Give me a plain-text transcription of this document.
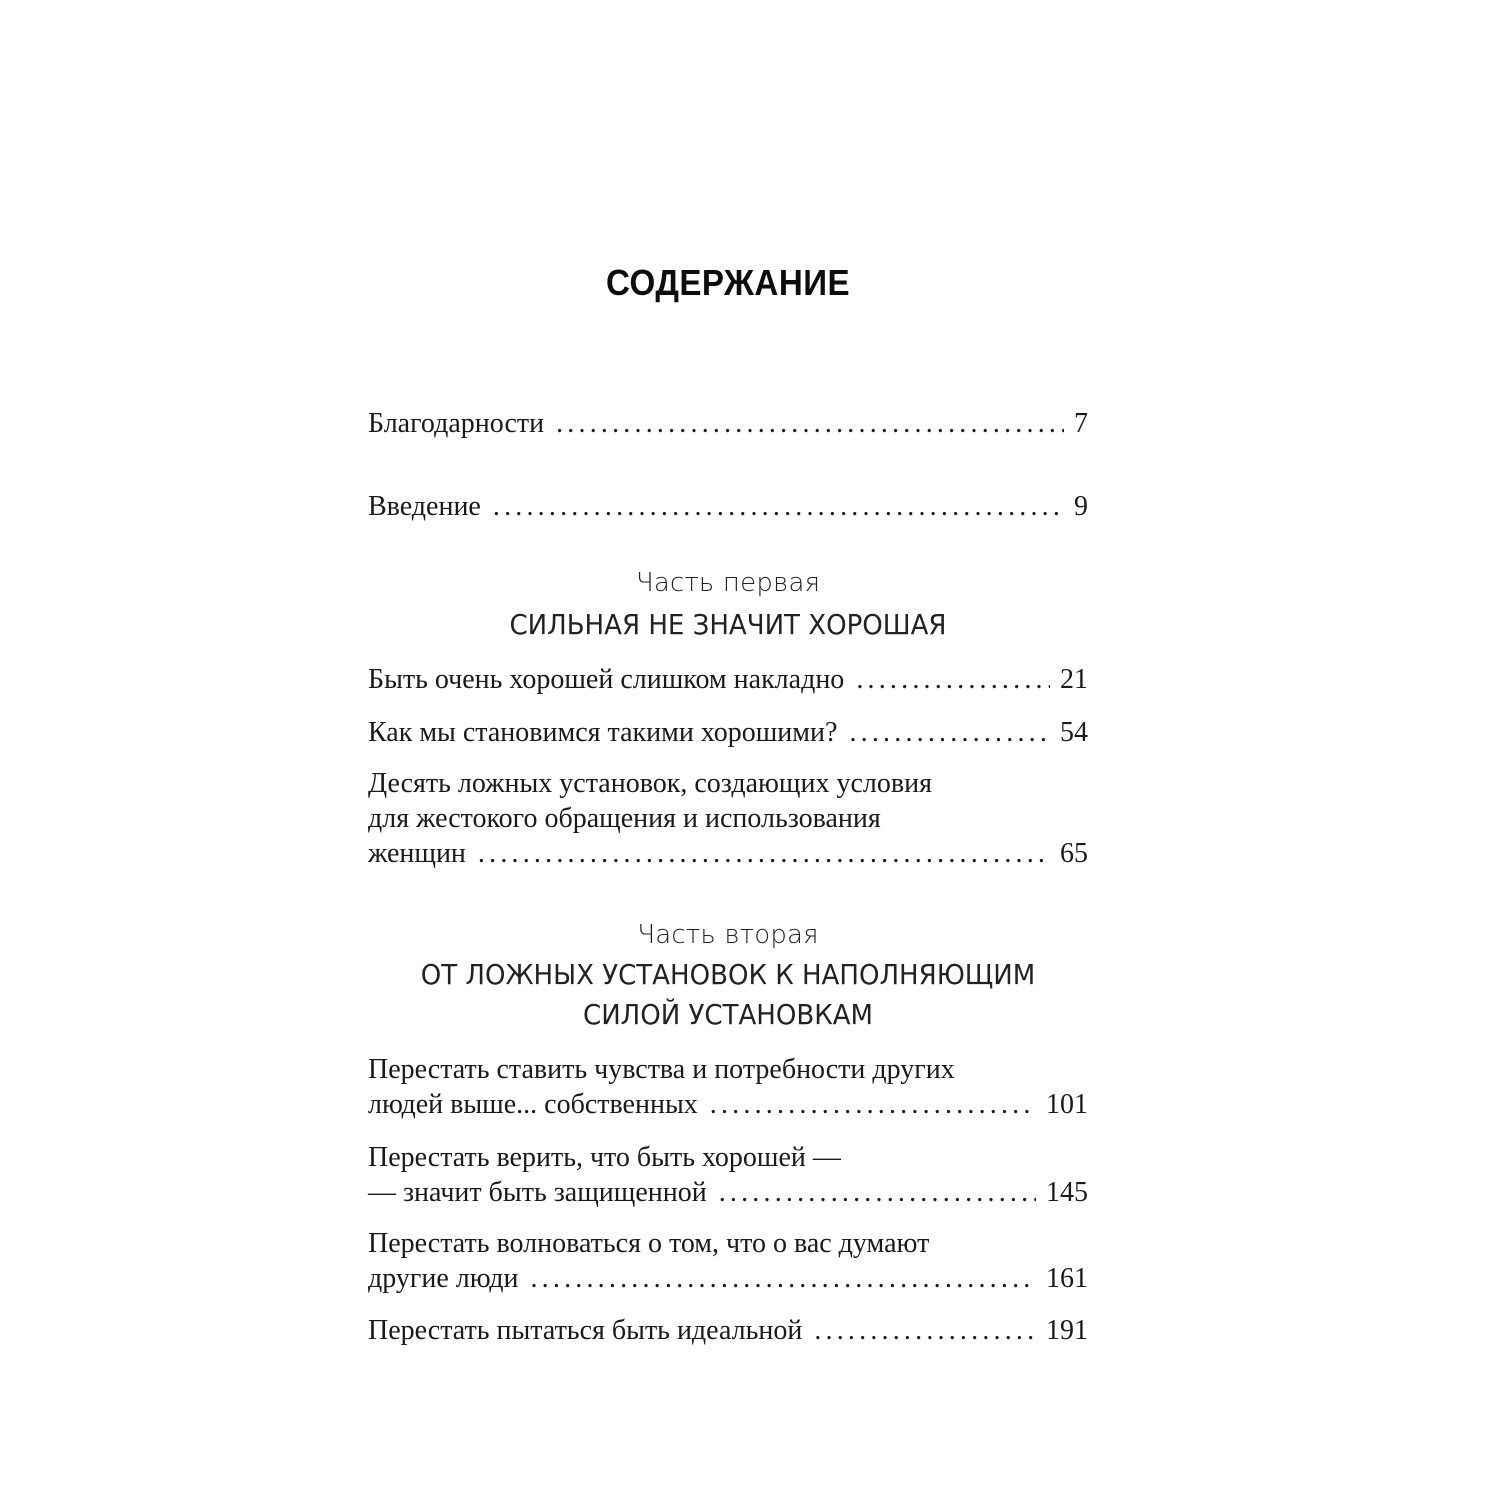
СОДЕРЖАНИЕ
Благодарности . . .	7
Введение . . .	9
Часть первая
СИЛЬНАЯ НЕ ЗНАЧИТ ХОРОШАЯ
Быть очень хорошей слишком накладно . . .	21
Как мы становимся такими хорошими? . . .	54
Десять ложных установок, создающих условия
для жестокого обращения и использования
женщин . . .	65
Часть вторая
ОТ ЛОЖНЫХ УСТАНОВОК К НАПОЛНЯЮЩИМ
СИЛОЙ УСТАНОВКАМ
Перестать ставить чувства и потребности других
людей выше... собственных . . .	101
Перестать верить, что быть хорошей —
— значит быть защищенной . . .	145
Перестать волноваться о том, что о вас думают
другие люди . . .	161
Перестать пытаться быть идеальной . . .	191
